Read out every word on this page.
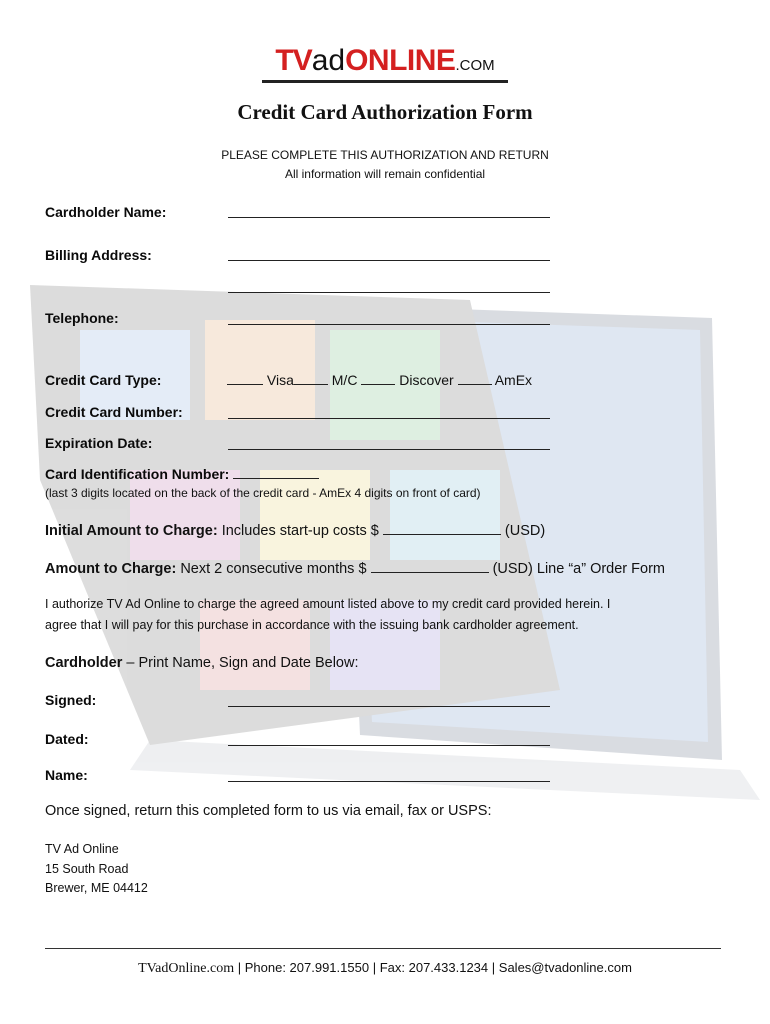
TVadONLINE.COM
Credit Card Authorization Form
PLEASE COMPLETE THIS AUTHORIZATION AND RETURN
All information will remain confidential
Cardholder Name:
Billing Address:
Telephone:
Credit Card Type:	Visa	M/C	Discover	AmEx
Credit Card Number:
Expiration Date:
Card Identification Number:
(last 3 digits located on the back of the credit card - AmEx 4 digits on front of card)
Initial Amount to Charge: Includes start-up costs $	(USD)
Amount to Charge: Next 2 consecutive months $	(USD) Line “a” Order Form
I authorize TV Ad Online to charge the agreed amount listed above to my credit card provided herein. I
agree that I will pay for this purchase in accordance with the issuing bank cardholder agreement.
Cardholder – Print Name, Sign and Date Below:
Signed:
Dated:
Name:
Once signed, return this completed form to us via email, fax or USPS:
TV Ad Online
15 South Road
Brewer, ME 04412
TVadOnline.com | Phone: 207.991.1550 | Fax: 207.433.1234 | Sales@tvadonline.com
